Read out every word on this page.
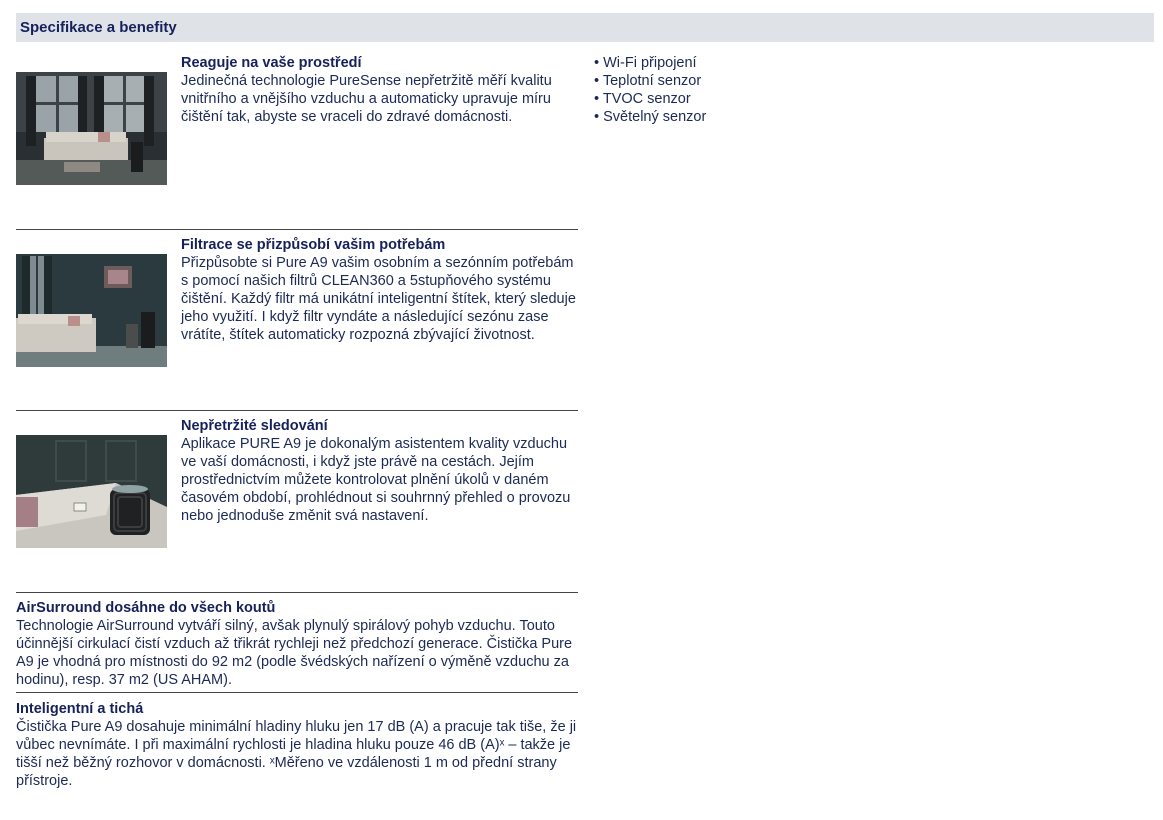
Specifikace a benefity
Reaguje na vaše prostředí
Jedinečná technologie PureSense nepřetržitě měří kvalitu vnitřního a vnějšího vzduchu a automaticky upravuje míru čištění tak, abyste se vraceli do zdravé domácnosti.
Filtrace se přizpůsobí vašim potřebám
Přizpůsobte si Pure A9 vašim osobním a sezónním potřebám s pomocí našich filtrů CLEAN360 a 5stupňového systému čištění. Každý filtr má unikátní inteligentní štítek, který sleduje jeho využití. I když filtr vyndáte a následující sezónu zase vrátíte, štítek automaticky rozpozná zbývající životnost.
Nepřetržité sledování
Aplikace PURE A9 je dokonalým asistentem kvality vzduchu ve vaší domácnosti, i když jste právě na cestách. Jejím prostřednictvím můžete kontrolovat plnění úkolů v daném časovém období, prohlédnout si souhrnný přehled o provozu nebo jednoduše změnit svá nastavení.
AirSurround dosáhne do všech koutů
Technologie AirSurround vytváří silný, avšak plynulý spirálový pohyb vzduchu. Touto účinnější cirkulací čistí vzduch až třikrát rychleji než předchozí generace. Čistička Pure A9 je vhodná pro místnosti do 92 m2 (podle švédských nařízení o výměně vzduchu za hodinu), resp. 37 m2 (US AHAM).
Inteligentní a tichá
Čistička Pure A9 dosahuje minimální hladiny hluku jen 17 dB (A) a pracuje tak tiše, že ji vůbec nevnímáte. I při maximální rychlosti je hladina hluku pouze 46 dB (A)ˣ – takže je tišší než běžný rozhovor v domácnosti. ˣMěřeno ve vzdálenosti 1 m od přední strany přístroje.
• Wi-Fi připojení
• Teplotní senzor
• TVOC senzor
• Světelný senzor
